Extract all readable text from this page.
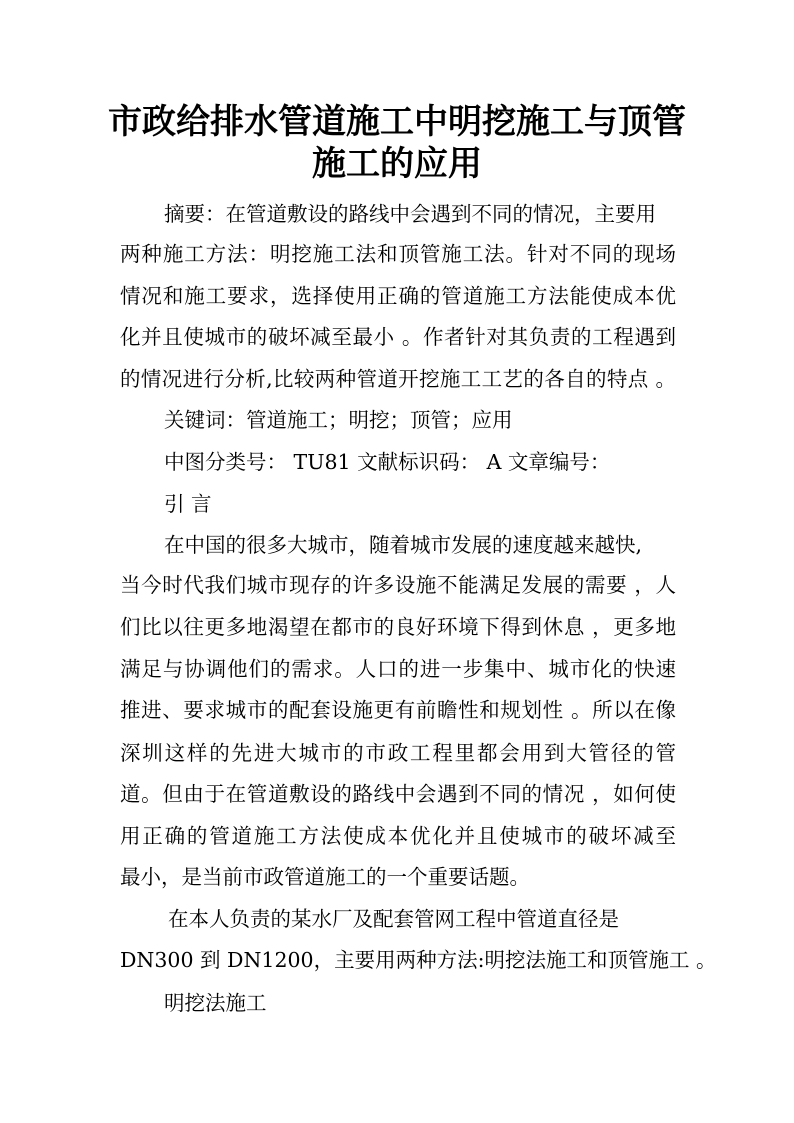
市政给排水管道施工中明挖施工与顶管
施工的应用
摘要：在管道敷设的路线中会遇到不同的情况，主要用
两种施工方法：明挖施工法和顶管施工法。针对不同的现场
情况和施工要求，选择使用正确的管道施工方法能使成本优
化并且使城市的破坏减至最小 。作者针对其负责的工程遇到
的情况进行分析,比较两种管道开挖施工工艺的各自的特点 。
关键词：管道施工；明挖；顶管；应用
中图分类号： TU81 文献标识码： A 文章编号：
引 言
在中国的很多大城市，随着城市发展的速度越来越快,
当今时代我们城市现存的许多设施不能满足发展的需要 ，人
们比以往更多地渴望在都市的良好环境下得到休息 ，更多地
满足与协调他们的需求。人口的进一步集中、城市化的快速
推进、要求城市的配套设施更有前瞻性和规划性 。所以在像
深圳这样的先进大城市的市政工程里都会用到大管径的管
道。但由于在管道敷设的路线中会遇到不同的情况 ，如何使
用正确的管道施工方法使成本优化并且使城市的破坏减至
最小，是当前市政管道施工的一个重要话题。
在本人负责的某水厂及配套管网工程中管道直径是
DN300 到 DN1200，主要用两种方法:明挖法施工和顶管施工 。
明挖法施工
